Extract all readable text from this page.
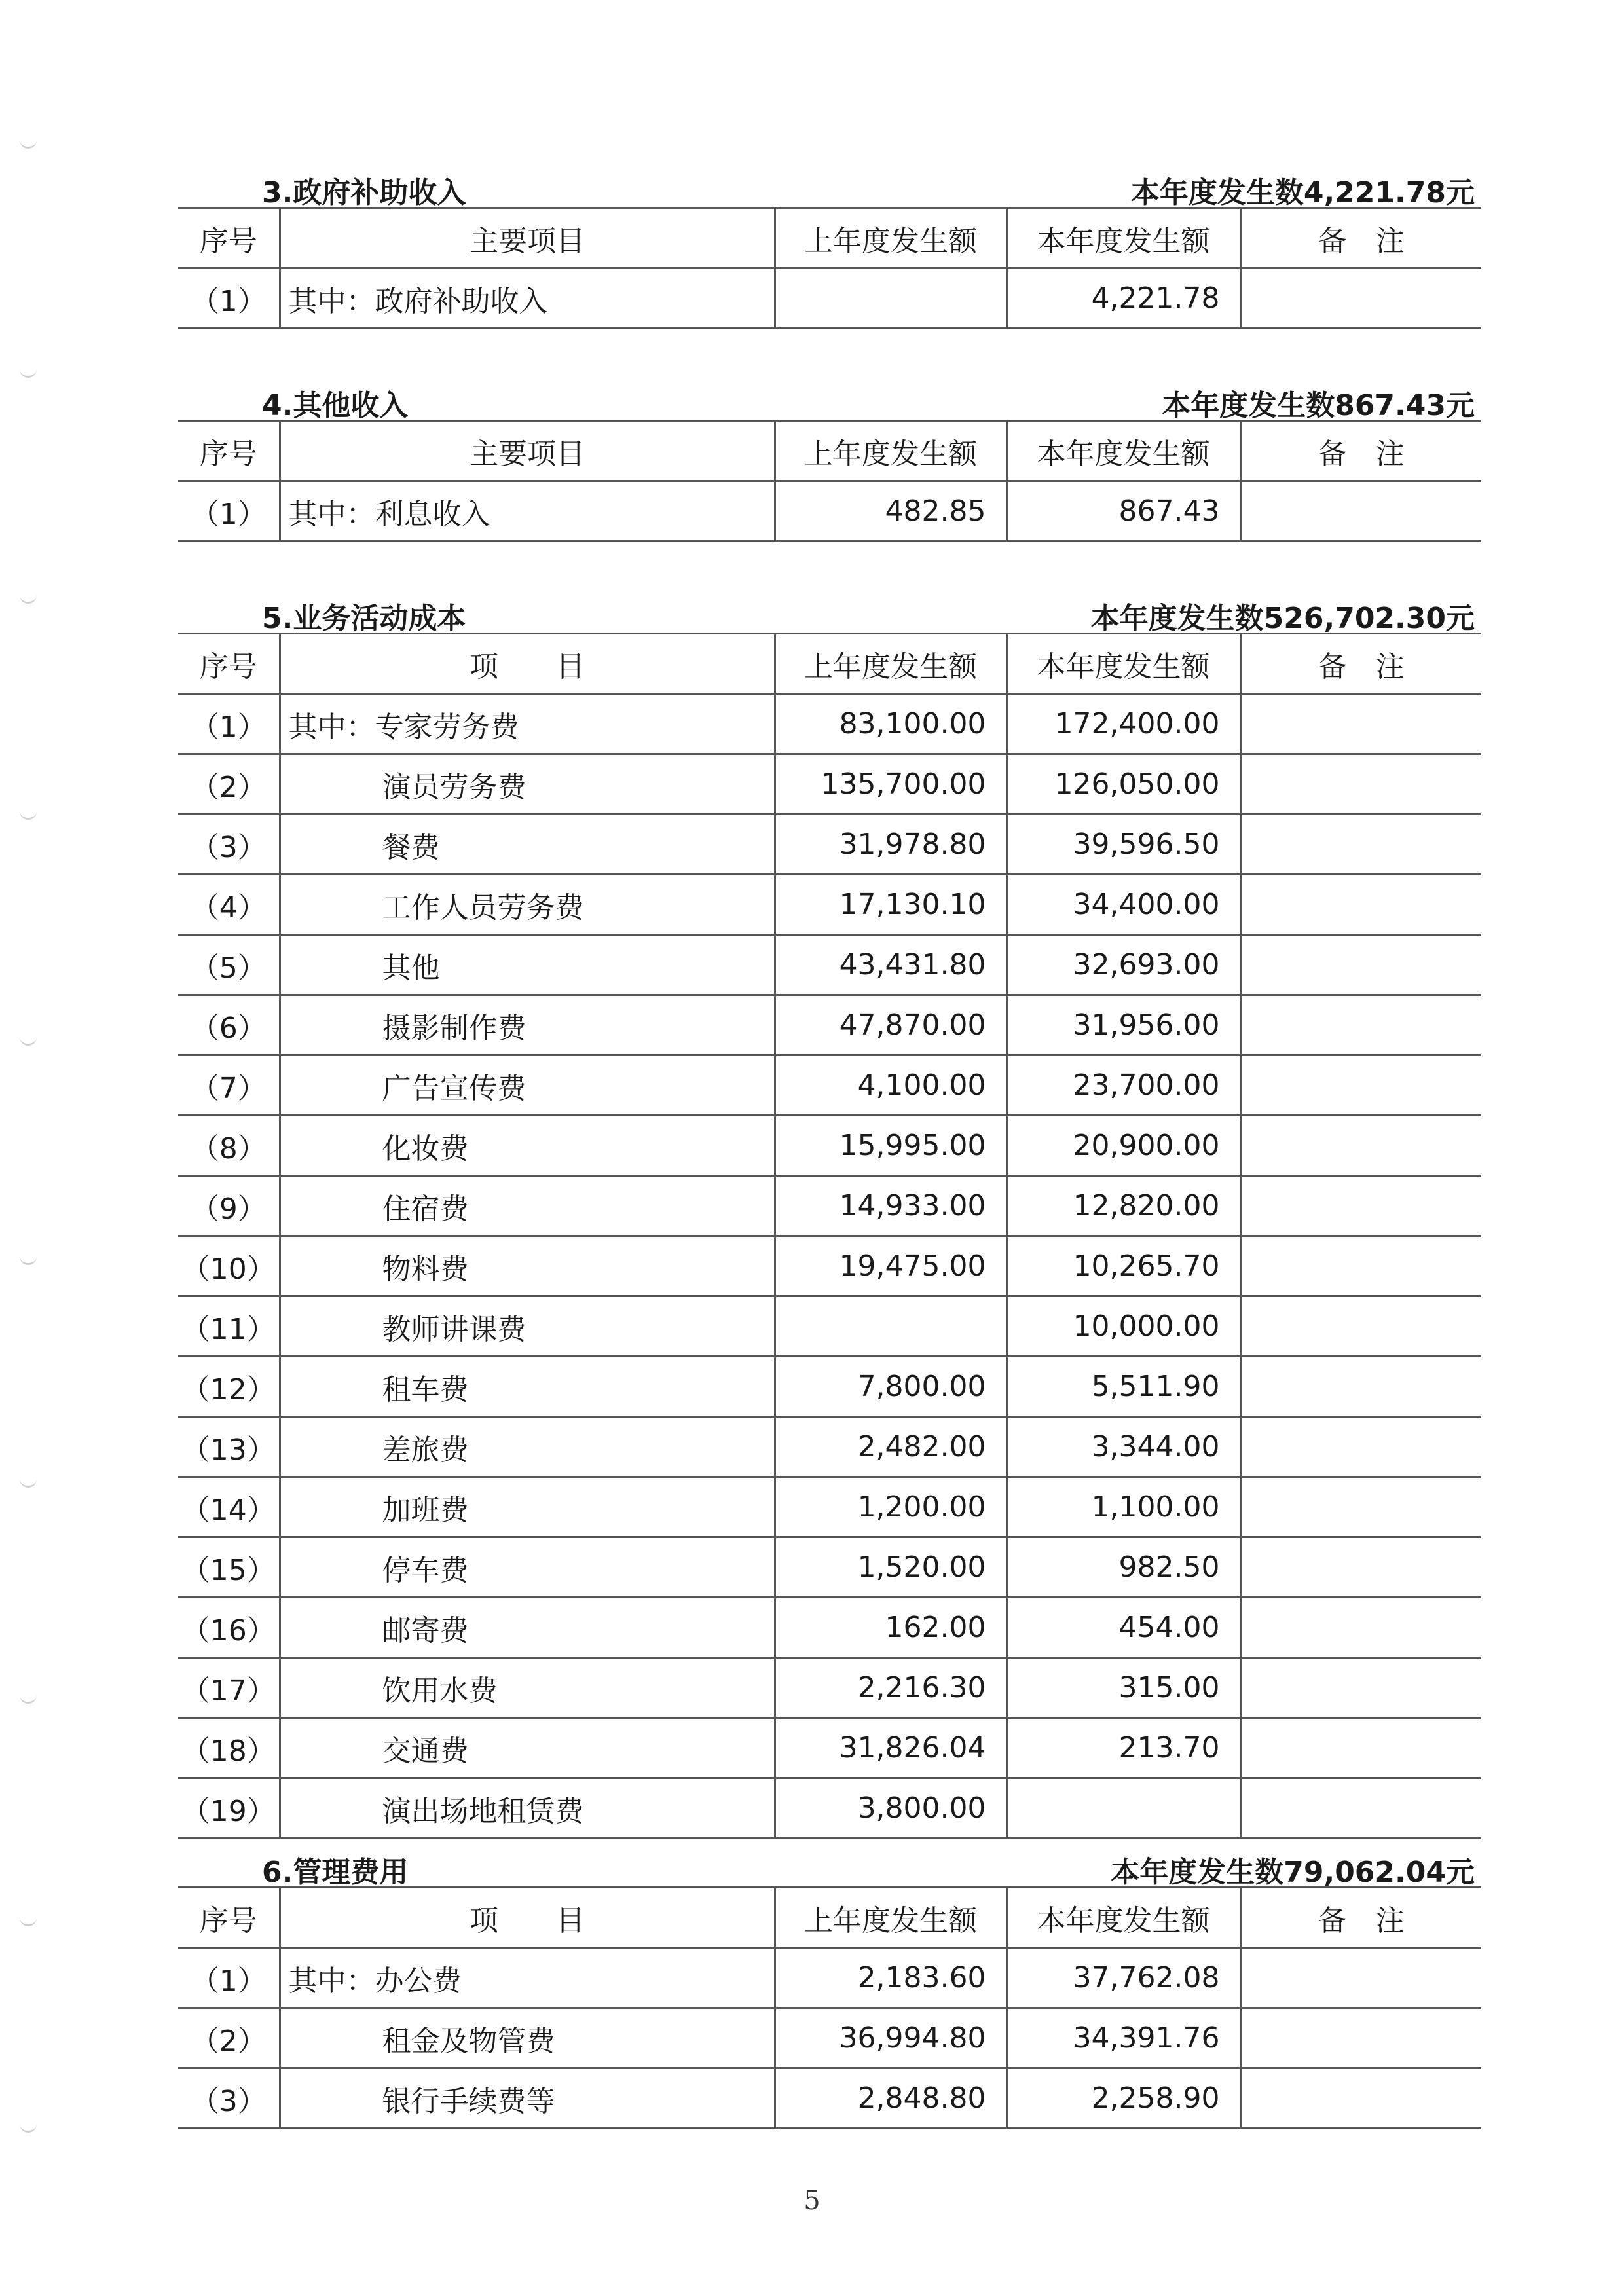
3.政府补助收入	本年度发生数4,221.78元
序号	主要项目	上年度发生额	本年度发生额	备　注
（1）	其中：政府补助收入		4,221.78	
4.其他收入	本年度发生数867.43元
序号	主要项目	上年度发生额	本年度发生额	备　注
（1）	其中：利息收入	482.85	867.43	
5.业务活动成本	本年度发生数526,702.30元
序号	项　　目	上年度发生额	本年度发生额	备　注
（1）	其中：专家劳务费	83,100.00	172,400.00	
（2）	演员劳务费	135,700.00	126,050.00	
（3）	餐费	31,978.80	39,596.50	
（4）	工作人员劳务费	17,130.10	34,400.00	
（5）	其他	43,431.80	32,693.00	
（6）	摄影制作费	47,870.00	31,956.00	
（7）	广告宣传费	4,100.00	23,700.00	
（8）	化妆费	15,995.00	20,900.00	
（9）	住宿费	14,933.00	12,820.00	
（10）	物料费	19,475.00	10,265.70	
（11）	教师讲课费		10,000.00	
（12）	租车费	7,800.00	5,511.90	
（13）	差旅费	2,482.00	3,344.00	
（14）	加班费	1,200.00	1,100.00	
（15）	停车费	1,520.00	982.50	
（16）	邮寄费	162.00	454.00	
（17）	饮用水费	2,216.30	315.00	
（18）	交通费	31,826.04	213.70	
（19）	演出场地租赁费	3,800.00		
6.管理费用	本年度发生数79,062.04元
序号	项　　目	上年度发生额	本年度发生额	备　注
（1）	其中：办公费	2,183.60	37,762.08	
（2）	租金及物管费	36,994.80	34,391.76	
（3）	银行手续费等	2,848.80	2,258.90	
5
